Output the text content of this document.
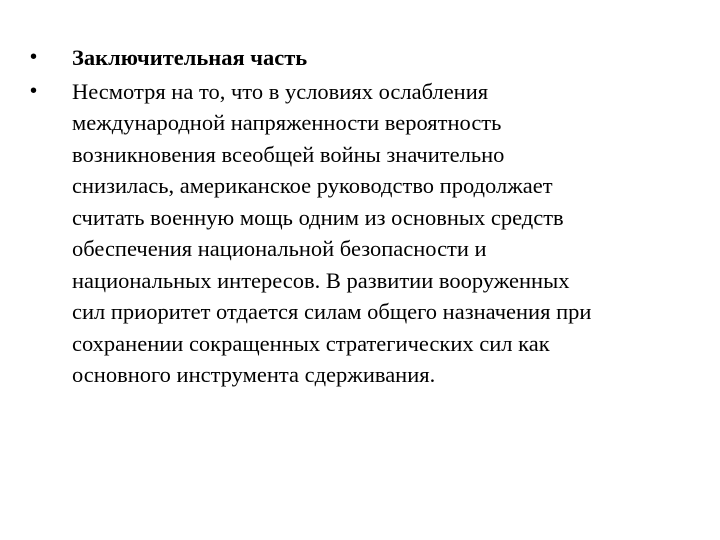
• Заключительная часть
• Несмотря на то, что в условиях ослабления
международной напряженности вероятность
возникновения всеобщей войны значительно
снизилась, американское руководство продолжает
считать военную мощь одним из основных средств
обеспечения национальной безопасности и
национальных интересов. В развитии вооруженных
сил приоритет отдается силам общего назначения при
сохранении сокращенных стратегических сил как
основного инструмента сдерживания.
